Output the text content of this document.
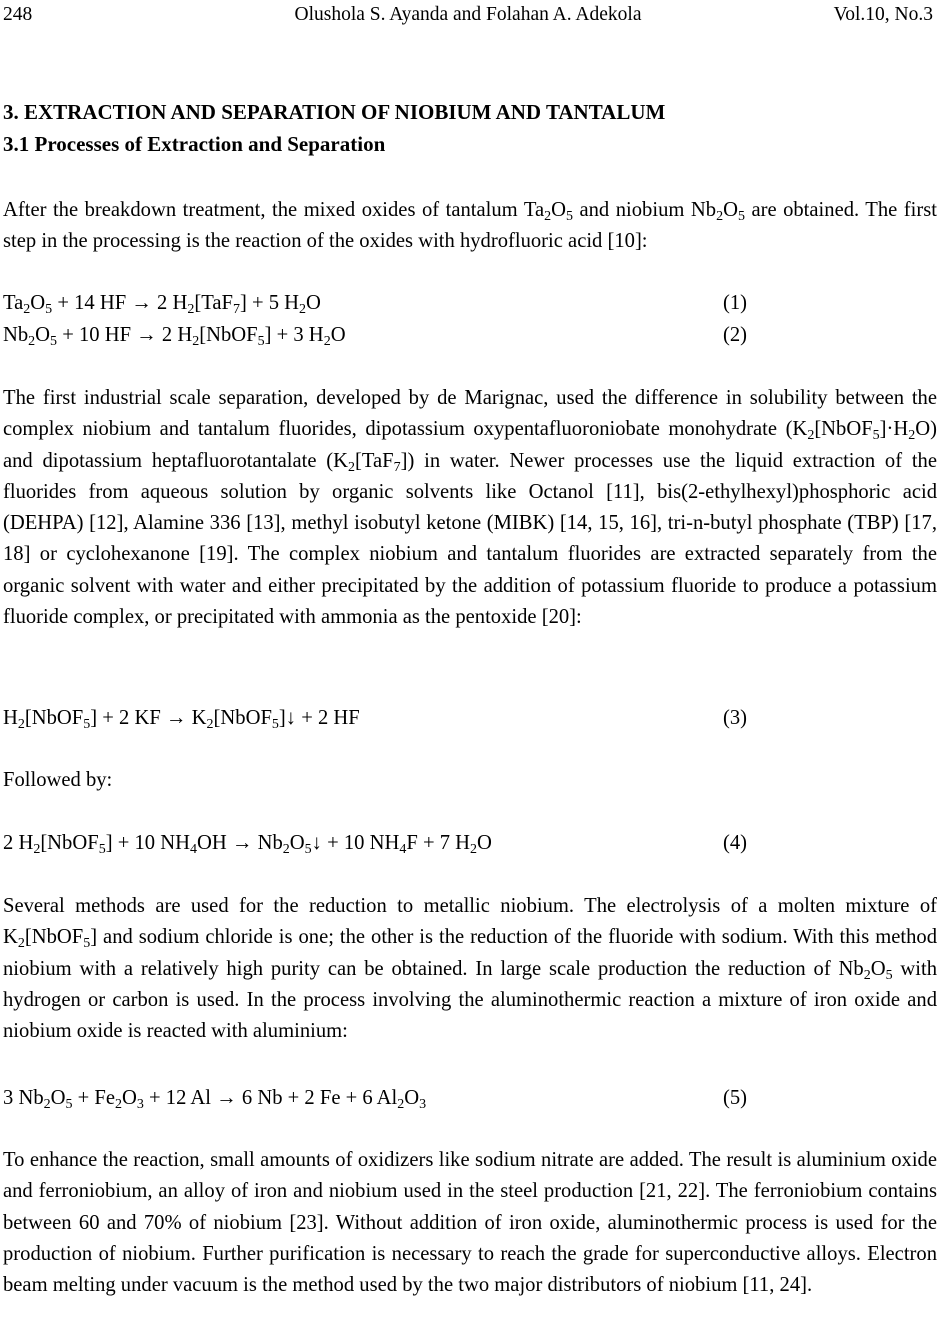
248	Olushola S. Ayanda and Folahan A. Adekola	Vol.10, No.3
3. EXTRACTION AND SEPARATION OF NIOBIUM AND TANTALUM
3.1 Processes of Extraction and Separation

After the breakdown treatment, the mixed oxides of tantalum $Ta_2O_5$ and niobium $Nb_2O_5$ are obtained. The first step in the processing is the reaction of the oxides with hydrofluoric acid [10]:

$Ta_2O_5 + 14$ HF → 2 $H_2[TaF_7] + 5$ $H_2O$	(1)
$Nb_2O_5 + 10$ HF → 2 $H_2[NbOF_5] + 3$ $H_2O$	(2)

The first industrial scale separation, developed by de Marignac, used the difference in solubility between the complex niobium and tantalum fluorides, dipotassium oxypentafluoroniobate monohydrate $(K_2[NbOF_5]\cdot H_2O)$ and dipotassium heptafluorotantalate $(K_2[TaF_7])$ in water. Newer processes use the liquid extraction of the fluorides from aqueous solution by organic solvents like Octanol [11], bis(2-ethylhexyl)phosphoric acid (DEHPA) [12], Alamine 336 [13], methyl isobutyl ketone (MIBK) [14, 15, 16], tri-n-butyl phosphate (TBP) [17, 18] or cyclohexanone [19]. The complex niobium and tantalum fluorides are extracted separately from the organic solvent with water and either precipitated by the addition of potassium fluoride to produce a potassium fluoride complex, or precipitated with ammonia as the pentoxide [20]:

$H_2[NbOF_5] + 2$ KF → $K_2[NbOF_5]↓ + 2$ HF	(3)
Followed by:
2 $H_2[NbOF_5] + 10$ $NH_4OH$ → $Nb_2O_5↓ + 10$ $NH_4F + 7$ $H_2O$	(4)

Several methods are used for the reduction to metallic niobium. The electrolysis of a molten mixture of $K_2[NbOF_5]$ and sodium chloride is one; the other is the reduction of the fluoride with sodium. With this method niobium with a relatively high purity can be obtained. In large scale production the reduction of $Nb_2O_5$ with hydrogen or carbon is used. In the process involving the aluminothermic reaction a mixture of iron oxide and niobium oxide is reacted with aluminium:

3 $Nb_2O_5 + Fe_2O_3 + 12$ Al → 6 Nb + 2 Fe + 6 $Al_2O_3$	(5)

To enhance the reaction, small amounts of oxidizers like sodium nitrate are added. The result is aluminium oxide and ferroniobium, an alloy of iron and niobium used in the steel production [21, 22]. The ferroniobium contains between 60 and 70% of niobium [23]. Without addition of iron oxide, aluminothermic process is used for the production of niobium. Further purification is necessary to reach the grade for superconductive alloys. Electron beam melting under vacuum is the method used by the two major distributors of niobium [11, 24].
